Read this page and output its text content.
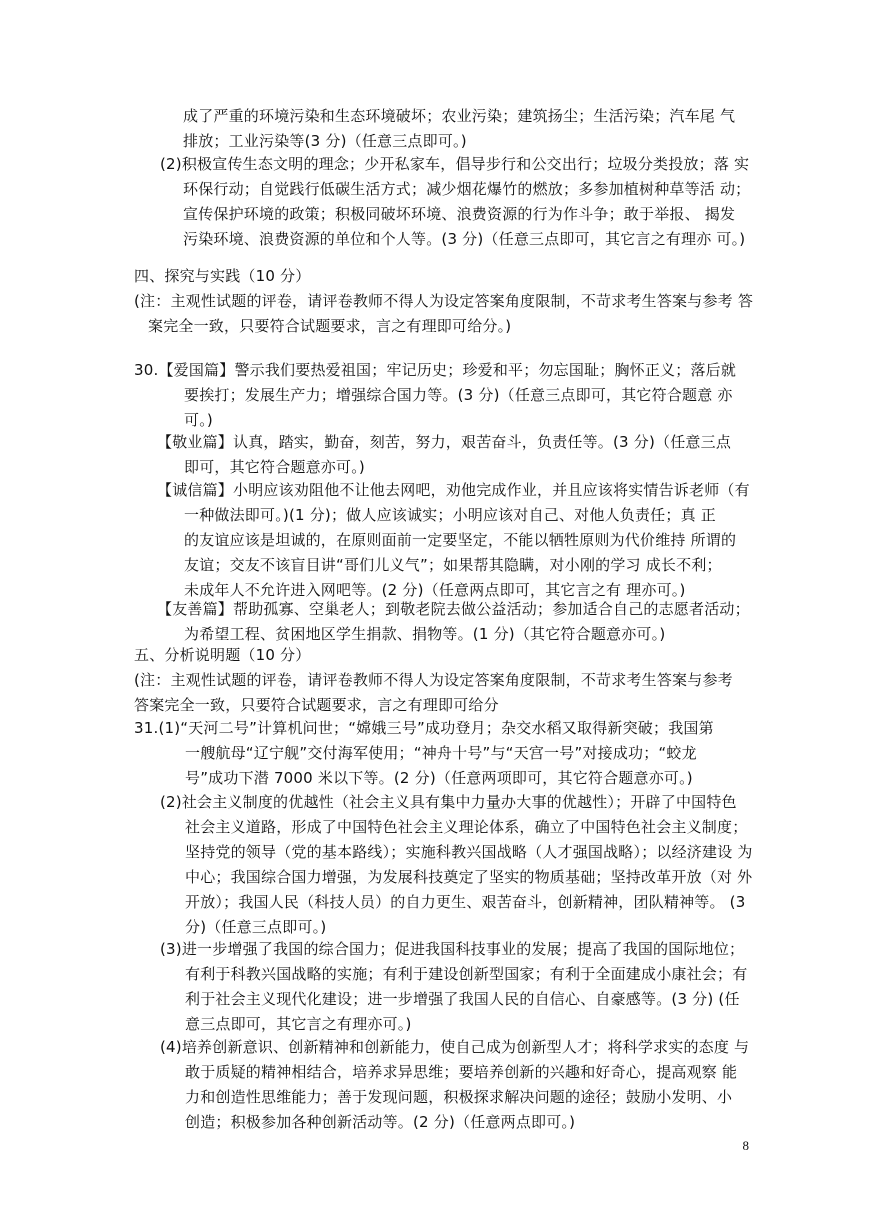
成了严重的环境污染和生态环境破坏；农业污染；建筑扬尘；生活污染；汽车尾 气
排放；工业污染等(3 分)（任意三点即可。)
(2)积极宣传生态文明的理念；少开私家车，倡导步行和公交出行；垃圾分类投放；落 实
环保行动；自觉践行低碳生活方式；减少烟花爆竹的燃放；多参加植树种草等活 动；
宣传保护环境的政策；积极同破坏环境、浪费资源的行为作斗争；敢于举报、 揭发
污染环境、浪费资源的单位和个人等。(3 分)（任意三点即可，其它言之有理亦 可。)
四、探究与实践（10 分）
(注：主观性试题的评卷，请评卷教师不得人为设定答案角度限制，不苛求考生答案与参考 答
案完全一致，只要符合试题要求，言之有理即可给分。)
30.【爱国篇】警示我们要热爱祖国；牢记历史；珍爱和平；勿忘国耻；胸怀正义；落后就
要挨打；发展生产力；增强综合国力等。(3 分)（任意三点即可，其它符合题意 亦
可。)
【敬业篇】认真，踏实，勤奋，刻苦，努力，艰苦奋斗，负责任等。(3 分)（任意三点
即可，其它符合题意亦可。)
【诚信篇】小明应该劝阻他不让他去网吧，劝他完成作业，并且应该将实情告诉老师（有
一种做法即可。)(1 分)；做人应该诚实；小明应该对自己、对他人负责任；真 正
的友谊应该是坦诚的，在原则面前一定要坚定，不能以牺牲原则为代价维持 所谓的
友谊；交友不该盲目讲“哥们儿义气”；如果帮其隐瞒，对小刚的学习 成长不利；
未成年人不允许进入网吧等。(2 分)（任意两点即可，其它言之有 理亦可。)
【友善篇】帮助孤寡、空巢老人；到敬老院去做公益活动；参加适合自己的志愿者活动；
为希望工程、贫困地区学生捐款、捐物等。(1 分)（其它符合题意亦可。)
五、分析说明题（10 分）
(注：主观性试题的评卷，请评卷教师不得人为设定答案角度限制，不苛求考生答案与参考
答案完全一致，只要符合试题要求，言之有理即可给分
31.(1)“天河二号”计算机问世；“嫦娥三号”成功登月；杂交水稻又取得新突破；我国第
一艘航母“辽宁舰”交付海军使用；“神舟十号”与“天宫一号”对接成功；“蛟龙
号”成功下潜 7000 米以下等。(2 分)（任意两项即可，其它符合题意亦可。)
(2)社会主义制度的优越性（社会主义具有集中力量办大事的优越性）；开辟了中国特色
社会主义道路，形成了中国特色社会主义理论体系，确立了中国特色社会主义制度；
坚持党的领导（党的基本路线）；实施科教兴国战略（人才强国战略）；以经济建设 为
中心；我国综合国力增强，为发展科技奠定了坚实的物质基础；坚持改革开放（对 外
开放）；我国人民（科技人员）的自力更生、艰苦奋斗，创新精神，团队精神等。 (3
分)（任意三点即可。)
(3)进一步增强了我国的综合国力；促进我国科技事业的发展；提高了我国的国际地位；
有利于科教兴国战略的实施；有利于建设创新型国家；有利于全面建成小康社会；有
利于社会主义现代化建设；进一步增强了我国人民的自信心、自豪感等。(3 分) (任
意三点即可，其它言之有理亦可。)
(4)培养创新意识、创新精神和创新能力，使自己成为创新型人才；将科学求实的态度 与
敢于质疑的精神相结合，培养求异思维；要培养创新的兴趣和好奇心，提高观察 能
力和创造性思维能力；善于发现问题，积极探求解决问题的途径；鼓励小发明、小
创造；积极参加各种创新活动等。(2 分)（任意两点即可。)
8
